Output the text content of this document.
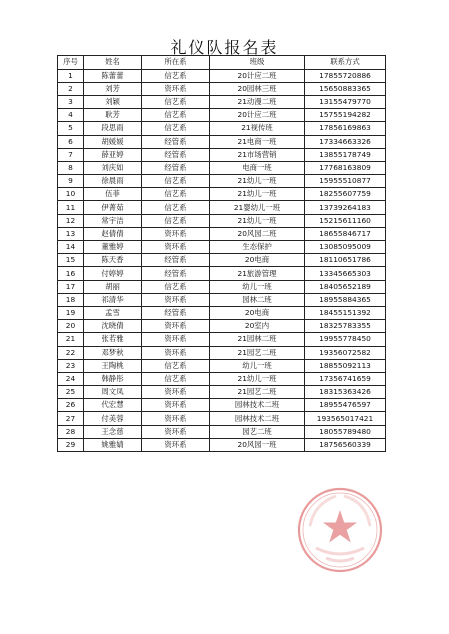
礼仪队报名表
序号	姓名	所在系	班级	联系方式
1	陈蕾蕾	信艺系	20计应二班	17855720886
2	刘芳	资环系	20园林三班	15650883365
3	刘颖	信艺系	21动漫二班	13155479770
4	耿芳	信艺系	20计应二班	15755194282
5	段思雨	信艺系	21视传班	17856169863
6	胡媛媛	经管系	21电商一班	17334663326
7	薛亚婷	经管系	21市场营销	13855178749
8	刘庆如	经管系	电商一班	17768163809
9	徐晨雨	信艺系	21幼儿一班	15955510877
10	伍菲	信艺系	21幼儿一班	18255607759
11	伊菁茹	信艺系	21婴幼儿一班	13739264183
12	常宇洁	信艺系	21幼儿一班	15215611160
13	赵倩倩	资环系	20风园二班	18655846717
14	董雅婷	资环系	生态保护	13085095009
15	陈天香	经管系	20电商	18110651786
16	付婷婷	经管系	21旅游管理	13345665303
17	胡丽	信艺系	幼儿一班	18405652189
18	祁清华	资环系	园林二班	18955884365
19	孟雪	经管系	20电商	18455151392
20	沈晓倩	资环系	20室内	18325783355
21	张若雅	资环系	21园林二班	19955778450
22	邓梦秋	资环系	21园艺二班	19356072582
23	王陶桃	信艺系	幼儿一班	18855092113
24	韩静彤	信艺系	21幼儿一班	17356741659
25	周文凤	资环系	21园艺二班	18315363426
26	代宏慧	资环系	园林技术二班	18955476597
27	付美蓉	资环系	园林技术二班	193565017421
28	王念慈	资环系	园艺二班	18055789480
29	姚雅婧	资环系	20风园一班	18756560339
